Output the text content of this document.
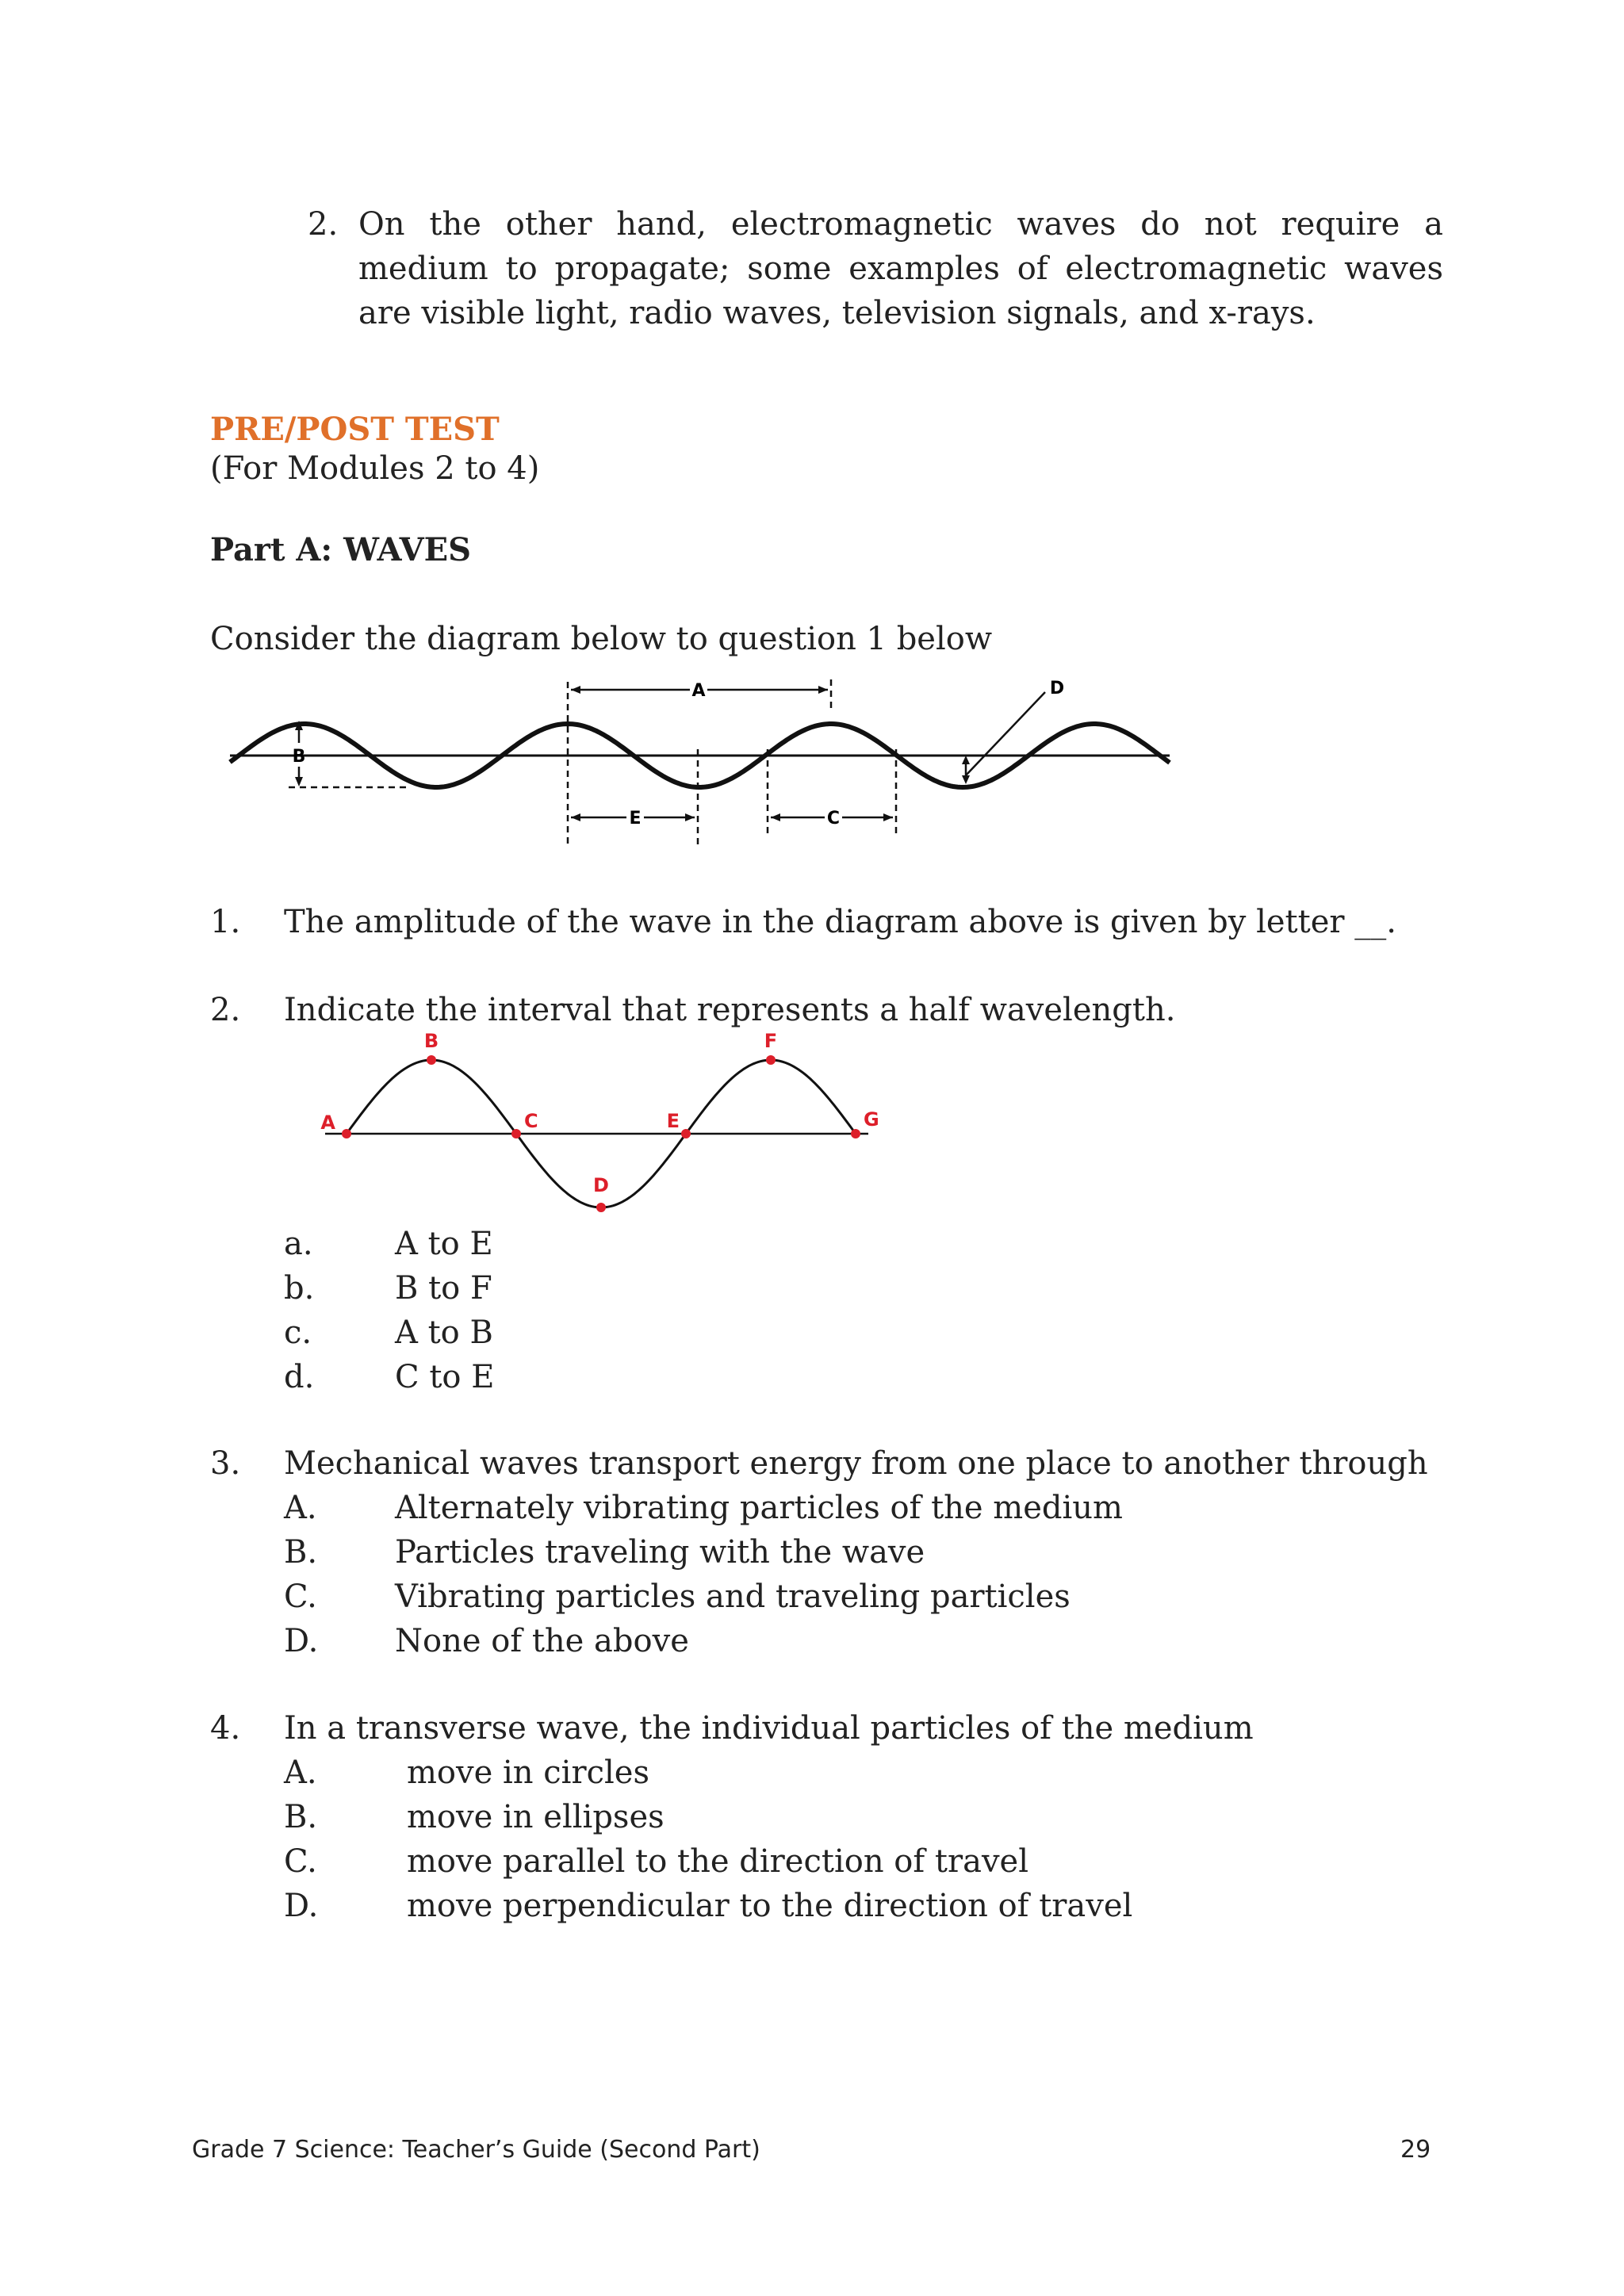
2. On the other hand, electromagnetic waves do not require a medium to propagate; some examples of electromagnetic waves are visible light, radio waves, television signals, and x-rays.
PRE/POST TEST
(For Modules 2 to 4)
Part A: WAVES
Consider the diagram below to question 1 below
A
B
E	C
D
1. The amplitude of the wave in the diagram above is given by letter __.
2. Indicate the interval that represents a half wavelength.
A
B
C
D
E
F
G
a.	A to E
b.	B to F
c.	A to B
d.	C to E
3. Mechanical waves transport energy from one place to another through
A. Alternately vibrating particles of the medium
B. Particles traveling with the wave
C. Vibrating particles and traveling particles
D. None of the above
4. In a transverse wave, the individual particles of the medium
A.	move in circles
B.	move in ellipses
C.	move parallel to the direction of travel
D.	move perpendicular to the direction of travel
Grade 7 Science: Teacher’s Guide (Second Part)	29
